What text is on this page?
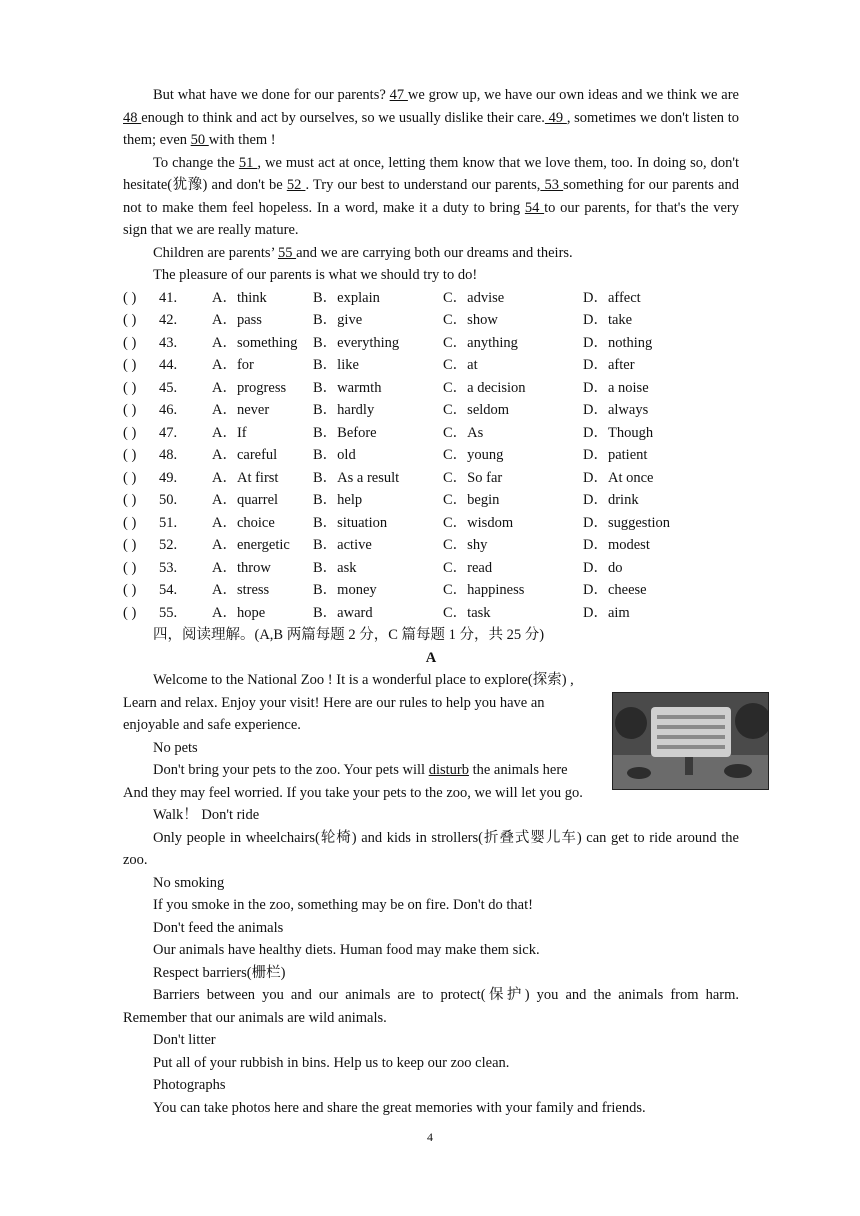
But what have we done for our parents? 47 we grow up, we have our own ideas and we think we are 48 enough to think and act by ourselves, so we usually dislike their care. 49 , sometimes we don't listen to them; even 50 with them !

To change the 51 , we must act at once, letting them know that we love them, too. In doing so, don't hesitate(犹豫) and don't be 52 . Try our best to understand our parents, 53 something for our parents and not to make them feel hopeless. In a word, make it a duty to bring 54 to our parents, for that's the very sign that we are really mature.

Children are parents’ 55 and we are carrying both our dreams and theirs.

The pleasure of our parents is what we should try to do!

( ) 41. A．think	B．explain	C．advise	D．affect
( ) 42. A．pass	B．give	C．show	D．take
( ) 43. A．something B．everything	C．anything	D．nothing
( ) 44. A．for	B．like	C．at	D．after
( ) 45. A．progress B．warmth	C．a decision	D．a noise
( ) 46. A．never	B．hardly	C．seldom	D．always
( ) 47. A．If	B．Before	C．As	D．Though
( ) 48. A．careful B．old	C．young	D．patient
( ) 49. A．At first B．As a result	C．So far	D．At once
( ) 50. A．quarrel B．help	C．begin	D．drink
( ) 51. A．choice	B．situation	C．wisdom	D．suggestion
( ) 52. A．energetic B．active	C．shy	D．modest
( ) 53. A．throw	B．ask	C．read	D．do
( ) 54. A．stress	B．money	C．happiness	D．cheese
( ) 55. A．hope	B．award	C．task	D．aim

四，阅读理解。(A,B 两篇每题 2 分，C 篇每题 1 分，共 25 分)

A

Welcome to the National Zoo ! It is a wonderful place to explore(探索) ,

Learn and relax. Enjoy your visit! Here are our rules to help you have an

enjoyable and safe experience.

No pets

Don't bring your pets to the zoo. Your pets will disturb the animals here

And they may feel worried. If you take your pets to the zoo, we will let you go.

Walk！ Don't ride

Only people in wheelchairs(轮椅) and kids in strollers(折叠式婴儿车) can get to ride around the zoo.

No smoking

If you smoke in the zoo, something may be on fire. Don't do that!

Don't feed the animals

Our animals have healthy diets. Human food may make them sick.

Respect barriers(栅栏)

Barriers between you and our animals are to protect(保护) you and the animals from harm. Remember that our animals are wild animals.

Don't litter

Put all of your rubbish in bins. Help us to keep our zoo clean.

Photographs

You can take photos here and share the great memories with your family and friends.

4
